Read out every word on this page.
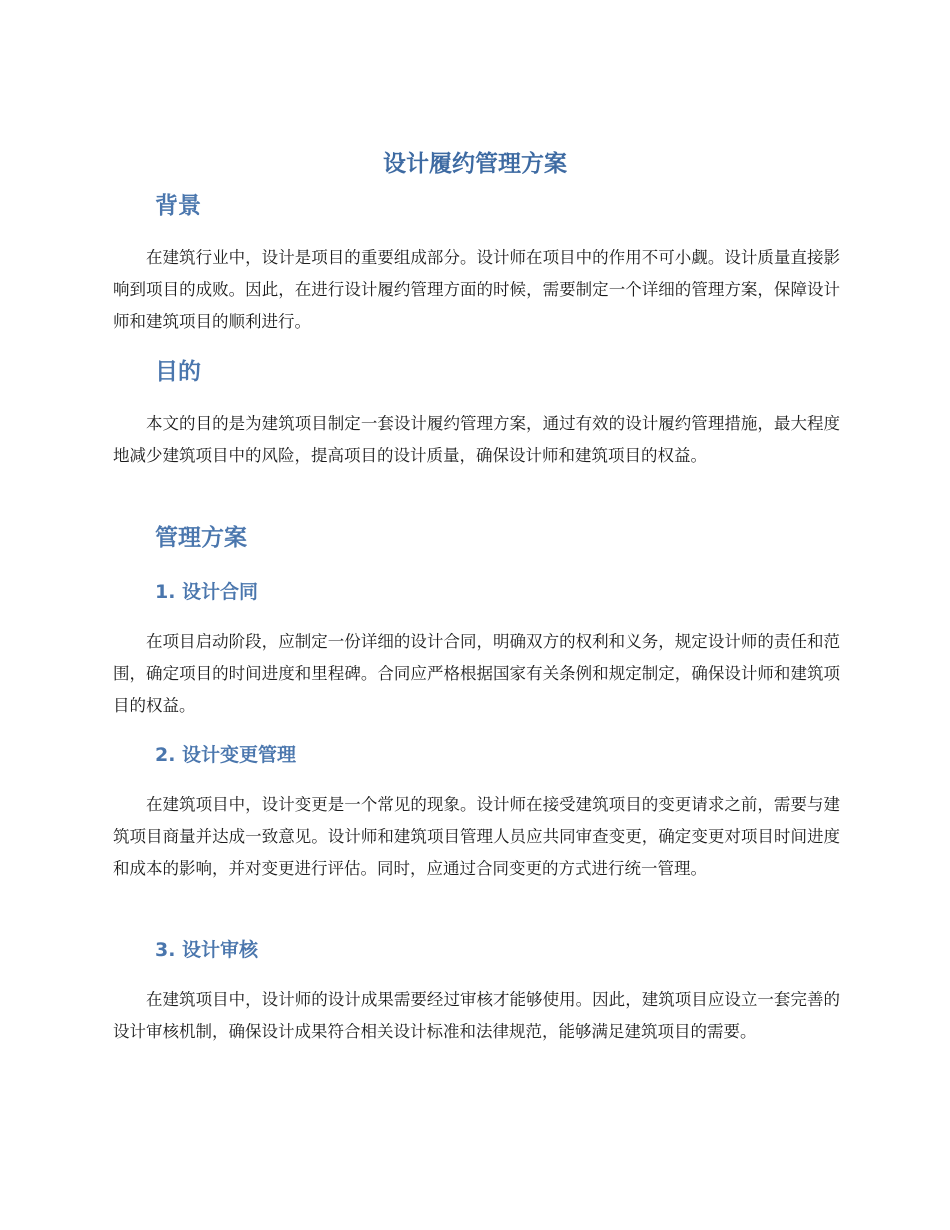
设计履约管理方案
背景

在建筑行业中，设计是项目的重要组成部分。设计师在项目中的作用不可小觑。设计质量直接影响到项目的成败。因此，在进行设计履约管理方面的时候，需要制定一个详细的管理方案，保障设计师和建筑项目的顺利进行。

目的

本文的目的是为建筑项目制定一套设计履约管理方案，通过有效的设计履约管理措施，最大程度地减少建筑项目中的风险，提高项目的设计质量，确保设计师和建筑项目的权益。

管理方案
1. 设计合同

在项目启动阶段，应制定一份详细的设计合同，明确双方的权利和义务，规定设计师的责任和范围，确定项目的时间进度和里程碑。合同应严格根据国家有关条例和规定制定，确保设计师和建筑项目的权益。

2. 设计变更管理

在建筑项目中，设计变更是一个常见的现象。设计师在接受建筑项目的变更请求之前，需要与建筑项目商量并达成一致意见。设计师和建筑项目管理人员应共同审查变更，确定变更对项目时间进度和成本的影响，并对变更进行评估。同时，应通过合同变更的方式进行统一管理。

3. 设计审核

在建筑项目中，设计师的设计成果需要经过审核才能够使用。因此，建筑项目应设立一套完善的设计审核机制，确保设计成果符合相关设计标准和法律规范，能够满足建筑项目的需要。
